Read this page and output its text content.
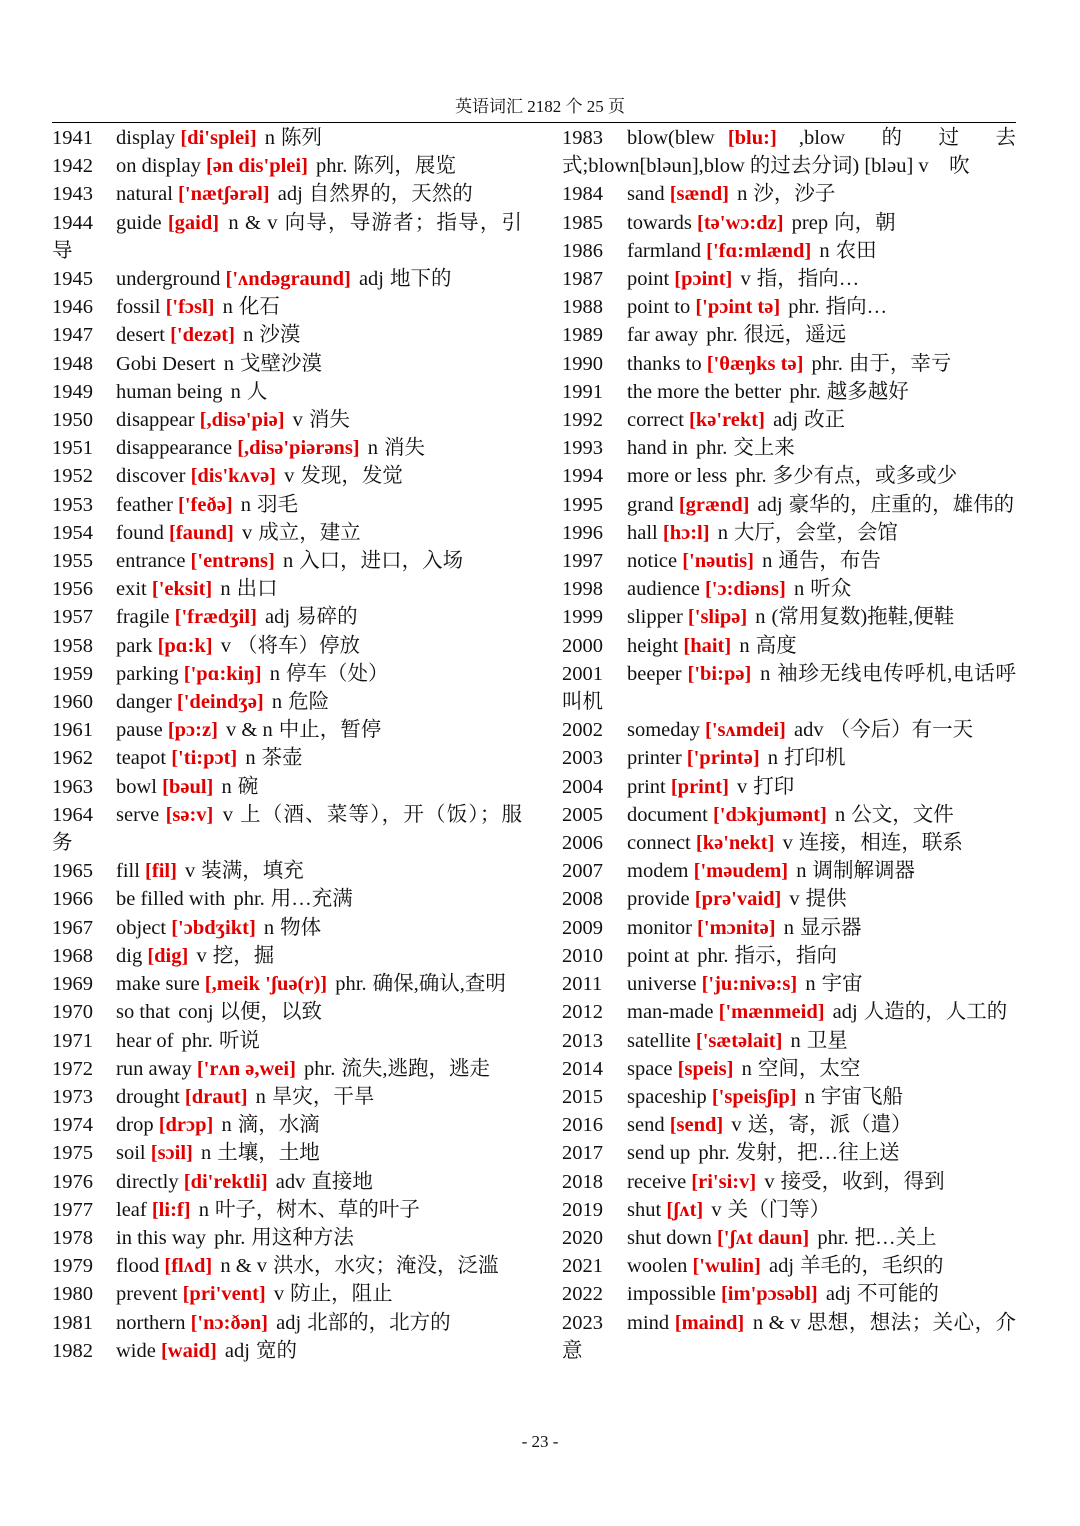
英语词汇 2182 个 25 页
1941 display [di'splei] n 陈列
1942 on display [ən dis'plei] phr. 陈列，展览
1943 natural ['nætʃərəl] adj 自然界的，天然的
1944 guide [gaid] n & v 向导，导游者；指导，引导
1945 underground ['ʌndəgraund] adj 地下的
1946 fossil ['fɔsl] n 化石
1947 desert ['dezət] n 沙漠
1948 Gobi Desert n 戈壁沙漠
1949 human being n 人
1950 disappear [,disə'piə] v 消失
1951 disappearance [,disə'piərəns] n 消失
1952 discover [dis'kʌvə] v 发现，发觉
1953 feather ['feðə] n 羽毛
1954 found [faund] v 成立，建立
1955 entrance ['entrəns] n 入口，进口，入场
1956 exit ['eksit] n 出口
1957 fragile ['frædʒil] adj 易碎的
1958 park [pɑ:k] v （将车）停放
1959 parking ['pɑ:kiŋ] n 停车（处）
1960 danger ['deindʒə] n 危险
1961 pause [pɔ:z] v & n 中止，暂停
1962 teapot ['ti:pɔt] n 茶壶
1963 bowl [bəul] n 碗
1964 serve [sə:v] v 上（酒、菜等），开（饭）；服务
1965 fill [fil] v 装满，填充
1966 be filled with phr. 用…充满
1967 object ['ɔbdʒikt] n 物体
1968 dig [dig] v 挖，掘
1969 make sure [,meik 'ʃuə(r)] phr. 确保,确认,查明
1970 so that conj 以便，以致
1971 hear of phr. 听说
1972 run away ['rʌn ə,wei] phr. 流失,逃跑，逃走
1973 drought [draut] n 旱灾，干旱
1974 drop [drɔp] n 滴，水滴
1975 soil [sɔil] n 土壤，土地
1976 directly [di'rektli] adv 直接地
1977 leaf [li:f] n 叶子，树木、草的叶子
1978 in this way phr. 用这种方法
1979 flood [flʌd] n & v 洪水，水灾；淹没，泛滥
1980 prevent [pri'vent] v 防止，阻止
1981 northern ['nɔ:ðən] adj 北部的，北方的
1982 wide [waid] adj 宽的
1983 blow(blew [blu:] ,blow　的　过　去式;blown[bləun],blow 的过去分词) [bləu] v　吹
1984 sand [sænd] n 沙，沙子
1985 towards [tə'wɔ:dz] prep 向，朝
1986 farmland ['fɑ:mlænd] n 农田
1987 point [pɔint] v 指，指向…
1988 point to ['pɔint tə] phr. 指向…
1989 far away phr. 很远，遥远
1990 thanks to ['θæŋks tə] phr. 由于，幸亏
1991 the more the better phr. 越多越好
1992 correct [kə'rekt] adj 改正
1993 hand in phr. 交上来
1994 more or less phr. 多少有点，或多或少
1995 grand [grænd] adj 豪华的，庄重的，雄伟的
1996 hall [hɔ:l] n 大厅，会堂，会馆
1997 notice ['nəutis] n 通告，布告
1998 audience ['ɔ:diəns] n 听众
1999 slipper ['slipə] n (常用复数)拖鞋,便鞋
2000 height [hait] n 高度
2001 beeper ['bi:pə] n 袖珍无线电传呼机,电话呼叫机
2002 someday ['sʌmdei] adv （今后）有一天
2003 printer ['printə] n 打印机
2004 print [print] v 打印
2005 document ['dɔkjumənt] n 公文，文件
2006 connect [kə'nekt] v 连接，相连，联系
2007 modem ['məudem] n 调制解调器
2008 provide [prə'vaid] v 提供
2009 monitor ['mɔnitə] n 显示器
2010 point at phr. 指示，指向
2011 universe ['ju:nivə:s] n 宇宙
2012 man-made ['mænmeid] adj 人造的，人工的
2013 satellite ['sætəlait] n 卫星
2014 space [speis] n 空间，太空
2015 spaceship ['speisʃip] n 宇宙飞船
2016 send [send] v 送，寄，派（遣）
2017 send up phr. 发射，把…往上送
2018 receive [ri'si:v] v 接受，收到，得到
2019 shut [ʃʌt] v 关（门等）
2020 shut down ['ʃʌt daun] phr. 把…关上
2021 woolen ['wulin] adj 羊毛的，毛织的
2022 impossible [im'pɔsəbl] adj 不可能的
2023 mind [maind] n & v 思想，想法；关心，介意
- 23 -
